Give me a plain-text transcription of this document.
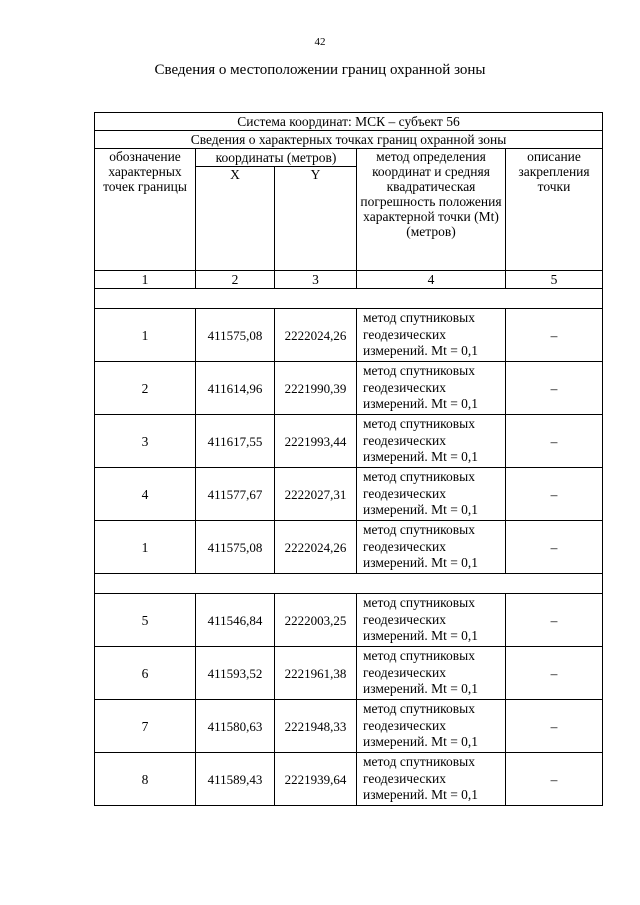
42
Сведения о местоположении границ охранной зоны
Система координат: МСК – субъект 56				
Сведения о характерных точках границ охранной зоны				
обозначение характерных точек границы	координаты (метров)		метод определения координат и средняя квадратическая погрешность положения характерной точки (Mt) (метров)	описание закрепления точки
	X	Y		
1	2	3	4	5

1	411575,08	2222024,26	метод спутниковых геодезических измерений. Mt = 0,1	–
2	411614,96	2221990,39	метод спутниковых геодезических измерений. Mt = 0,1	–
3	411617,55	2221993,44	метод спутниковых геодезических измерений. Mt = 0,1	–
4	411577,67	2222027,31	метод спутниковых геодезических измерений. Mt = 0,1	–
1	411575,08	2222024,26	метод спутниковых геодезических измерений. Mt = 0,1	–

5	411546,84	2222003,25	метод спутниковых геодезических измерений. Mt = 0,1	–
6	411593,52	2221961,38	метод спутниковых геодезических измерений. Mt = 0,1	–
7	411580,63	2221948,33	метод спутниковых геодезических измерений. Mt = 0,1	–
8	411589,43	2221939,64	метод спутниковых геодезических измерений. Mt = 0,1	–
